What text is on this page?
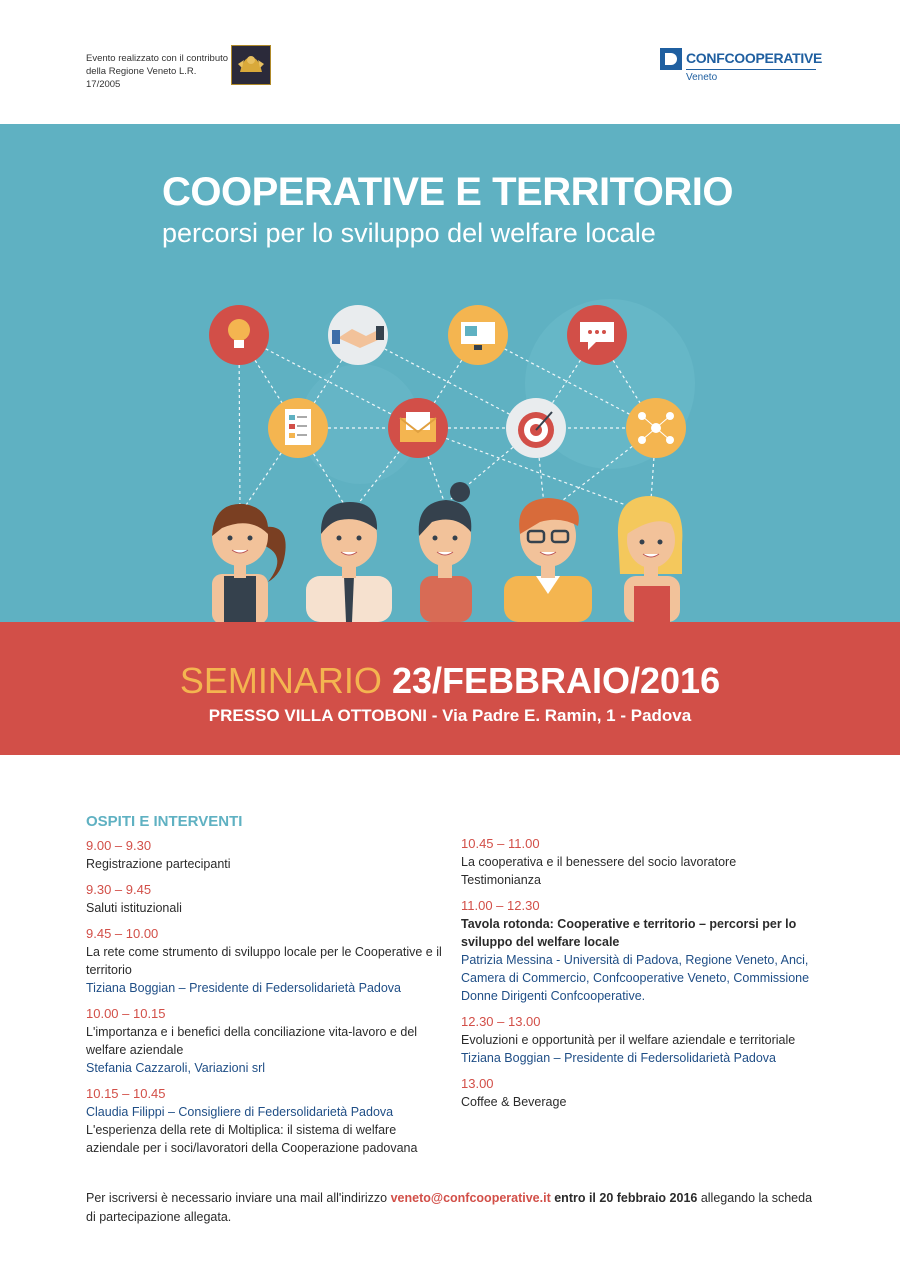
Evento realizzato con il contributo
della Regione Veneto L.R. 17/2005
CONFCOOPERATIVE
Veneto
COOPERATIVE E TERRITORIO
percorsi per lo sviluppo del welfare locale
SEMINARIO 23/FEBBRAIO/2016
PRESSO VILLA OTTOBONI - Via Padre E. Ramin, 1 - Padova
OSPITI E INTERVENTI
9.00 – 9.30
Registrazione partecipanti
9.30 – 9.45
Saluti istituzionali
9.45 – 10.00
La rete come strumento di sviluppo locale per le Cooperative e il territorio
Tiziana Boggian – Presidente di Federsolidarietà Padova
10.00 – 10.15
L'importanza e i benefici della conciliazione vita-lavoro e del welfare aziendale
Stefania Cazzaroli, Variazioni srl
10.15 – 10.45
Claudia Filippi – Consigliere di Federsolidarietà Padova
L'esperienza della rete di Moltiplica: il sistema di welfare aziendale per i soci/lavoratori della Cooperazione padovana
10.45 – 11.00
La cooperativa e il benessere del socio lavoratore
Testimonianza
11.00 – 12.30
Tavola rotonda: Cooperative e territorio – percorsi per lo sviluppo del welfare locale
Patrizia Messina - Università di Padova, Regione Veneto, Anci, Camera di Commercio, Confcooperative Veneto, Commissione Donne Dirigenti Confcooperative.
12.30 – 13.00
Evoluzioni e opportunità per il welfare aziendale e territoriale
Tiziana Boggian – Presidente di Federsolidarietà Padova
13.00
Coffee & Beverage
Per iscriversi è necessario inviare una mail all'indirizzo veneto@confcooperative.it entro il 20 febbraio 2016 allegando la scheda di partecipazione allegata.
